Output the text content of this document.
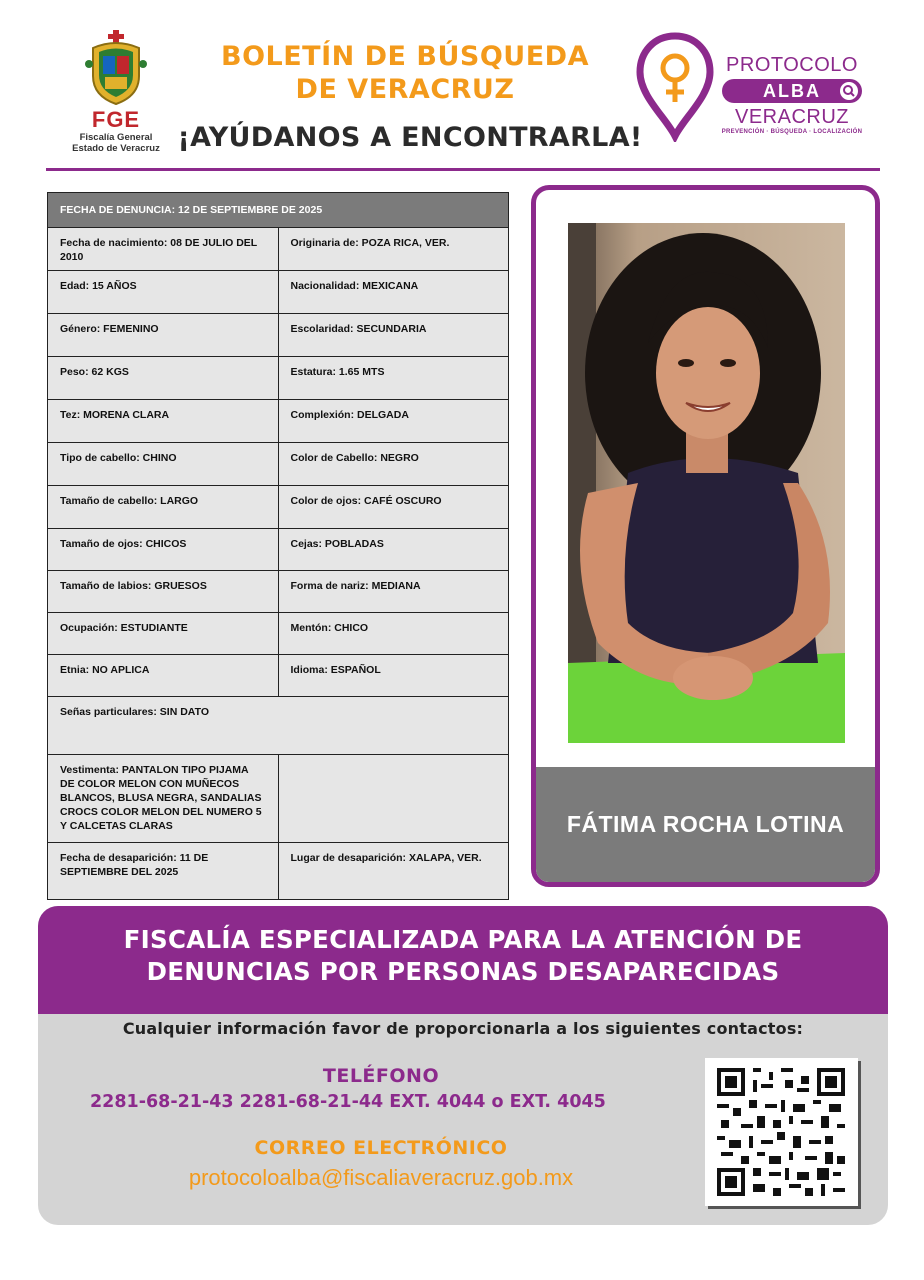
FGE
Fiscalía General
Estado de Veracruz
BOLETÍN DE BÚSQUEDA
DE VERACRUZ
¡AYÚDANOS A ENCONTRARLA!
PROTOCOLO
ALBA
VERACRUZ
PREVENCIÓN · BÚSQUEDA · LOCALIZACIÓN
FECHA DE DENUNCIA: 12 DE SEPTIEMBRE DE 2025	
Fecha de nacimiento: 08 DE JULIO DEL 2010	Originaria de: POZA RICA, VER.
Edad: 15 AÑOS	Nacionalidad: MEXICANA
Género: FEMENINO	Escolaridad: SECUNDARIA
Peso: 62 KGS	Estatura: 1.65 MTS
Tez: MORENA CLARA	Complexión: DELGADA
Tipo de cabello: CHINO	Color de Cabello: NEGRO
Tamaño de cabello: LARGO	Color de ojos: CAFÉ OSCURO
Tamaño de ojos: CHICOS	Cejas: POBLADAS
Tamaño de labios: GRUESOS	Forma de nariz: MEDIANA
Ocupación: ESTUDIANTE	Mentón: CHICO
Etnia: NO APLICA	Idioma: ESPAÑOL
Señas particulares: SIN DATO	
Vestimenta: PANTALON TIPO PIJAMA DE COLOR MELON CON MUÑECOS BLANCOS, BLUSA NEGRA, SANDALIAS CROCS COLOR MELON DEL NUMERO 5 Y CALCETAS CLARAS	
Fecha de desaparición: 11 DE SEPTIEMBRE DEL 2025	Lugar de desaparición: XALAPA, VER.
FÁTIMA ROCHA LOTINA
FISCALÍA ESPECIALIZADA PARA LA ATENCIÓN DE
DENUNCIAS POR PERSONAS DESAPARECIDAS
Cualquier información favor de proporcionarla a los siguientes contactos:
TELÉFONO
2281-68-21-43 2281-68-21-44 EXT. 4044 o EXT. 4045
CORREO ELECTRÓNICO
protocoloalba@fiscaliaveracruz.gob.mx
